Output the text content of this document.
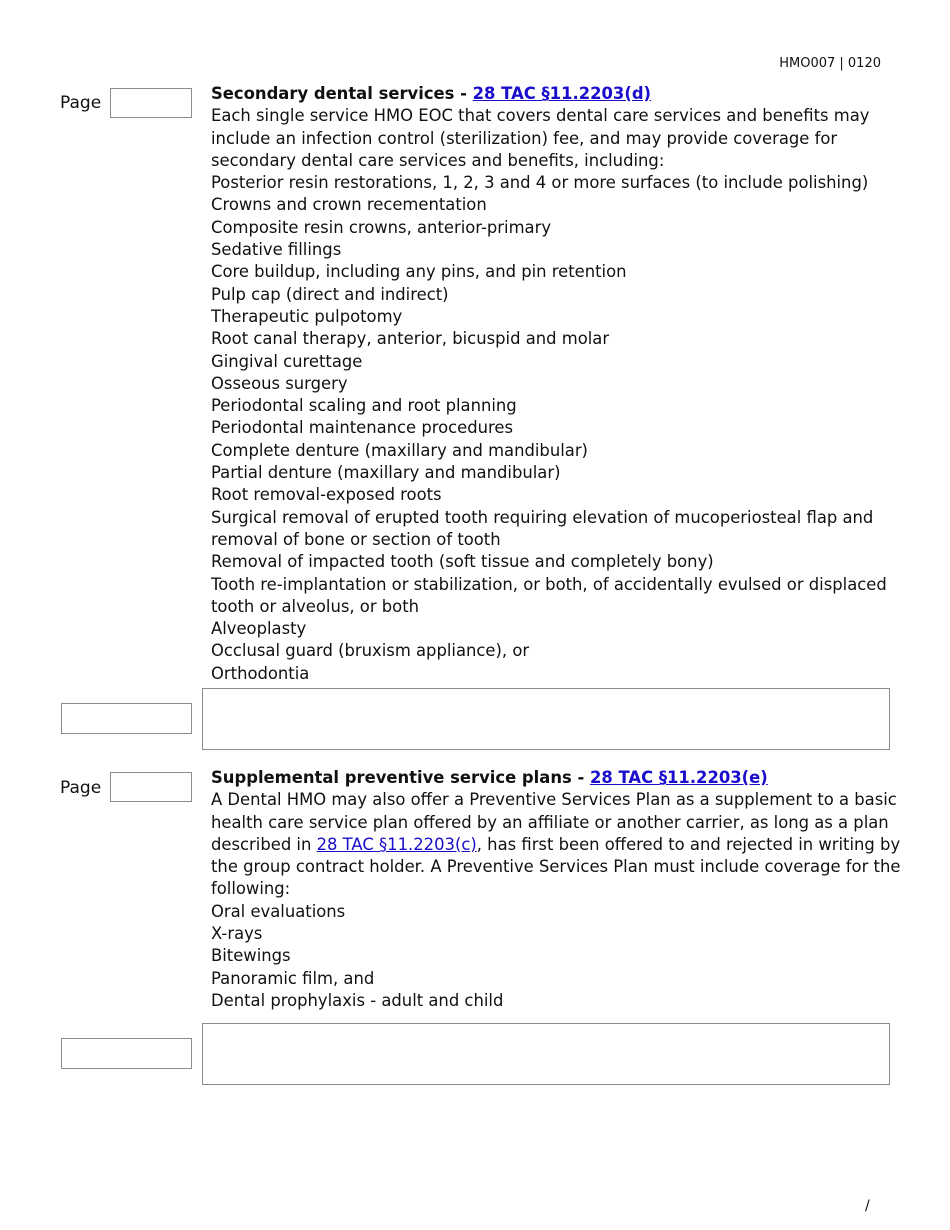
HMO007 | 0120
Page	Secondary dental services - 28 TAC §11.2203(d)

Each single service HMO EOC that covers dental care services and benefits may include an infection control (sterilization) fee, and may provide coverage for secondary dental care services and benefits, including:

Posterior resin restorations, 1, 2, 3 and 4 or more surfaces (to include polishing)
Crowns and crown recementation
Composite resin crowns, anterior-primary
Sedative fillings
Core buildup, including any pins, and pin retention
Pulp cap (direct and indirect)
Therapeutic pulpotomy
Root canal therapy, anterior, bicuspid and molar
Gingival curettage
Osseous surgery
Periodontal scaling and root planning
Periodontal maintenance procedures
Complete denture (maxillary and mandibular)
Partial denture (maxillary and mandibular)
Root removal-exposed roots
Surgical removal of erupted tooth requiring elevation of mucoperiosteal flap and removal of bone or section of tooth
Removal of impacted tooth (soft tissue and completely bony)
Tooth re-implantation or stabilization, or both, of accidentally evulsed or displaced tooth or alveolus, or both
Alveoplasty
Occlusal guard (bruxism appliance), or
Orthodontia
Page

Supplemental preventive service plans - 28 TAC §11.2203(e)

A Dental HMO may also offer a Preventive Services Plan as a supplement to a basic health care service plan offered by an affiliate or another carrier, as long as a plan described in 28 TAC §11.2203(c), has first been offered to and rejected in writing by the group contract holder. A Preventive Services Plan must include coverage for the following:

Oral evaluations
X-rays
Bitewings
Panoramic film, and
Dental prophylaxis - adult and child
/
